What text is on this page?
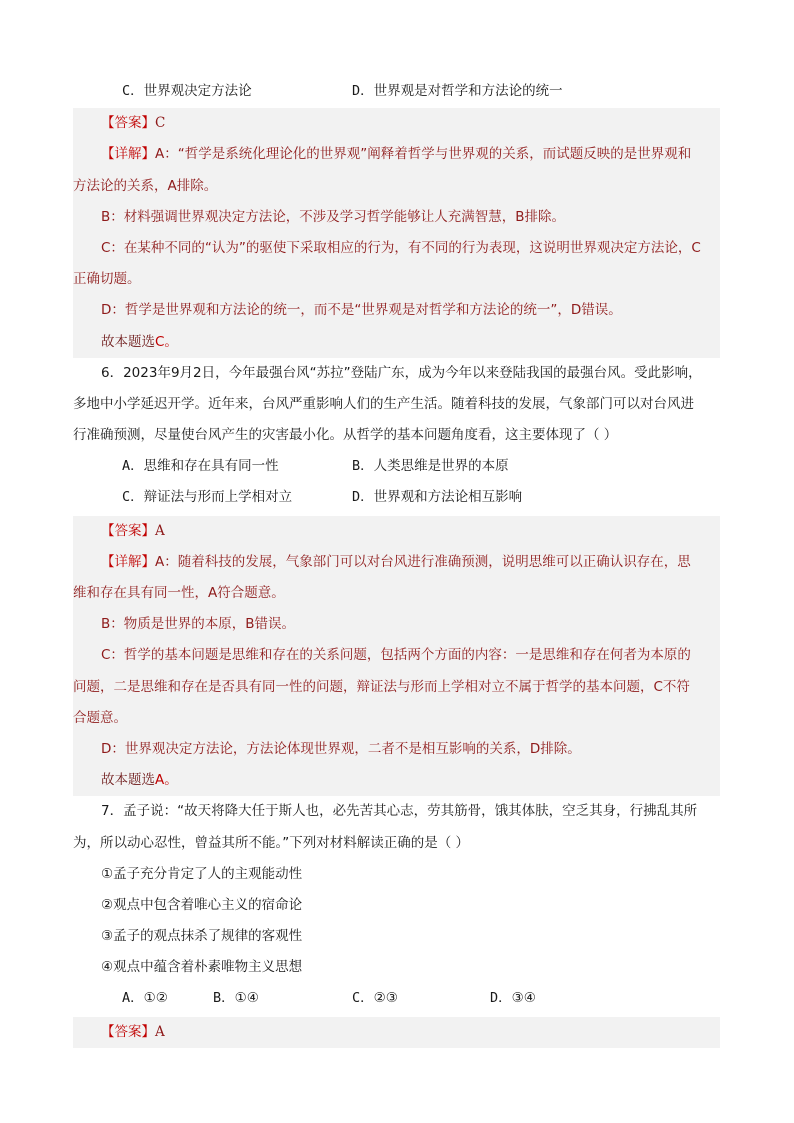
C．世界观决定方法论	D．世界观是对哲学和方法论的统一
【答案】C
【详解】A：“哲学是系统化理论化的世界观”阐释着哲学与世界观的关系，而试题反映的是世界观和
方法论的关系，A排除。
B：材料强调世界观决定方法论，不涉及学习哲学能够让人充满智慧，B排除。
C：在某种不同的“认为”的驱使下采取相应的行为，有不同的行为表现，这说明世界观决定方法论，C
正确切题。
D：哲学是世界观和方法论的统一，而不是“世界观是对哲学和方法论的统一”，D错误。
故本题选C。
6．2023年9月2日，今年最强台风“苏拉”登陆广东，成为今年以来登陆我国的最强台风。受此影响，
多地中小学延迟开学。近年来，台风严重影响人们的生产生活。随着科技的发展，气象部门可以对台风进
行准确预测，尽量使台风产生的灾害最小化。从哲学的基本问题角度看，这主要体现了（ ）
A．思维和存在具有同一性	B．人类思维是世界的本原
C．辩证法与形而上学相对立	D．世界观和方法论相互影响
【答案】A
【详解】A：随着科技的发展，气象部门可以对台风进行准确预测，说明思维可以正确认识存在，思
维和存在具有同一性，A符合题意。
B：物质是世界的本原，B错误。
C：哲学的基本问题是思维和存在的关系问题，包括两个方面的内容：一是思维和存在何者为本原的
问题，二是思维和存在是否具有同一性的问题，辩证法与形而上学相对立不属于哲学的基本问题，C不符
合题意。
D：世界观决定方法论，方法论体现世界观，二者不是相互影响的关系，D排除。
故本题选A。
7．孟子说：“故天将降大任于斯人也，必先苦其心志，劳其筋骨，饿其体肤，空乏其身，行拂乱其所
为，所以动心忍性，曾益其所不能。”下列对材料解读正确的是（ ）
①孟子充分肯定了人的主观能动性
②观点中包含着唯心主义的宿命论
③孟子的观点抹杀了规律的客观性
④观点中蕴含着朴素唯物主义思想
A．①②	B．①④	C．②③	D．③④
【答案】A
